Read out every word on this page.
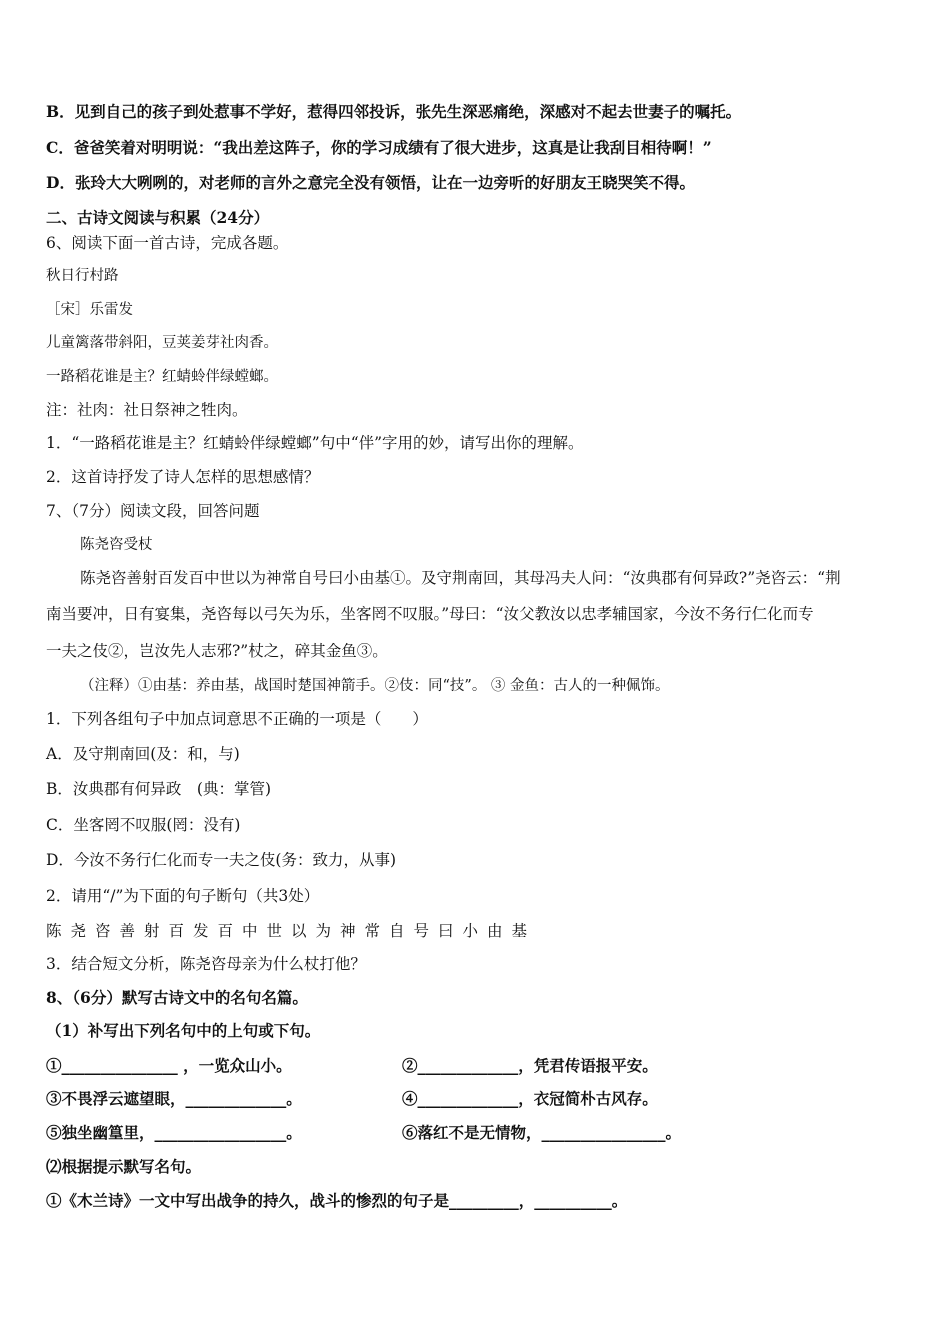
B．见到自己的孩子到处惹事不学好，惹得四邻投诉，张先生深恶痛绝，深感对不起去世妻子的嘱托。
C．爸爸笑着对明明说：“我出差这阵子，你的学习成绩有了很大进步，这真是让我刮目相待啊！”
D．张玲大大咧咧的，对老师的言外之意完全没有领悟，让在一边旁听的好朋友王晓哭笑不得。
二、古诗文阅读与积累（24分）
6、阅读下面一首古诗，完成各题。
秋日行村路
［宋］乐雷发
儿童篱落带斜阳，豆荚姜芽社肉香。
一路稻花谁是主？红蜻蛉伴绿螳螂。
注：社肉：社日祭神之牲肉。
1．“一路稻花谁是主？红蜻蛉伴绿螳螂”句中“伴”字用的妙，请写出你的理解。
2．这首诗抒发了诗人怎样的思想感情？
7、（7分）阅读文段，回答问题
陈尧咨受杖
陈尧咨善射百发百中世以为神常自号曰小由基①。及守荆南回，其母冯夫人问：“汝典郡有何异政?”尧咨云：“荆
南当要冲，日有宴集，尧咨每以弓矢为乐，坐客罔不叹服。”母曰：“汝父教汝以忠孝辅国家，今汝不务行仁化而专
一夫之伎②，岂汝先人志邪?”杖之，碎其金鱼③。
（注释）①由基：养由基，战国时楚国神箭手。②伎：同“技”。 ③ 金鱼：古人的一种佩饰。
1．下列各组句子中加点词意思不正确的一项是（　　）
A．及守荆南回(及：和，与)
B．汝典郡有何异政　(典：掌管)
C．坐客罔不叹服(罔：没有)
D．今汝不务行仁化而专一夫之伎(务：致力，从事)
2．请用“/”为下面的句子断句（共3处）
陈尧咨善射百发百中世以为神常自号曰小由基
3．结合短文分析，陈尧咨母亲为什么杖打他？
8、（6分）默写古诗文中的名句名篇。
（1）补写出下列名句中的上句或下句。
①_______________ ，一览众山小。	②_____________，凭君传语报平安。
③不畏浮云遮望眼，_____________。	④_____________，衣冠简朴古风存。
⑤独坐幽篁里，_________________。	⑥落红不是无情物，________________。
⑵根据提示默写名句。
①《木兰诗》一文中写出战争的持久，战斗的惨烈的句子是_________，__________。
